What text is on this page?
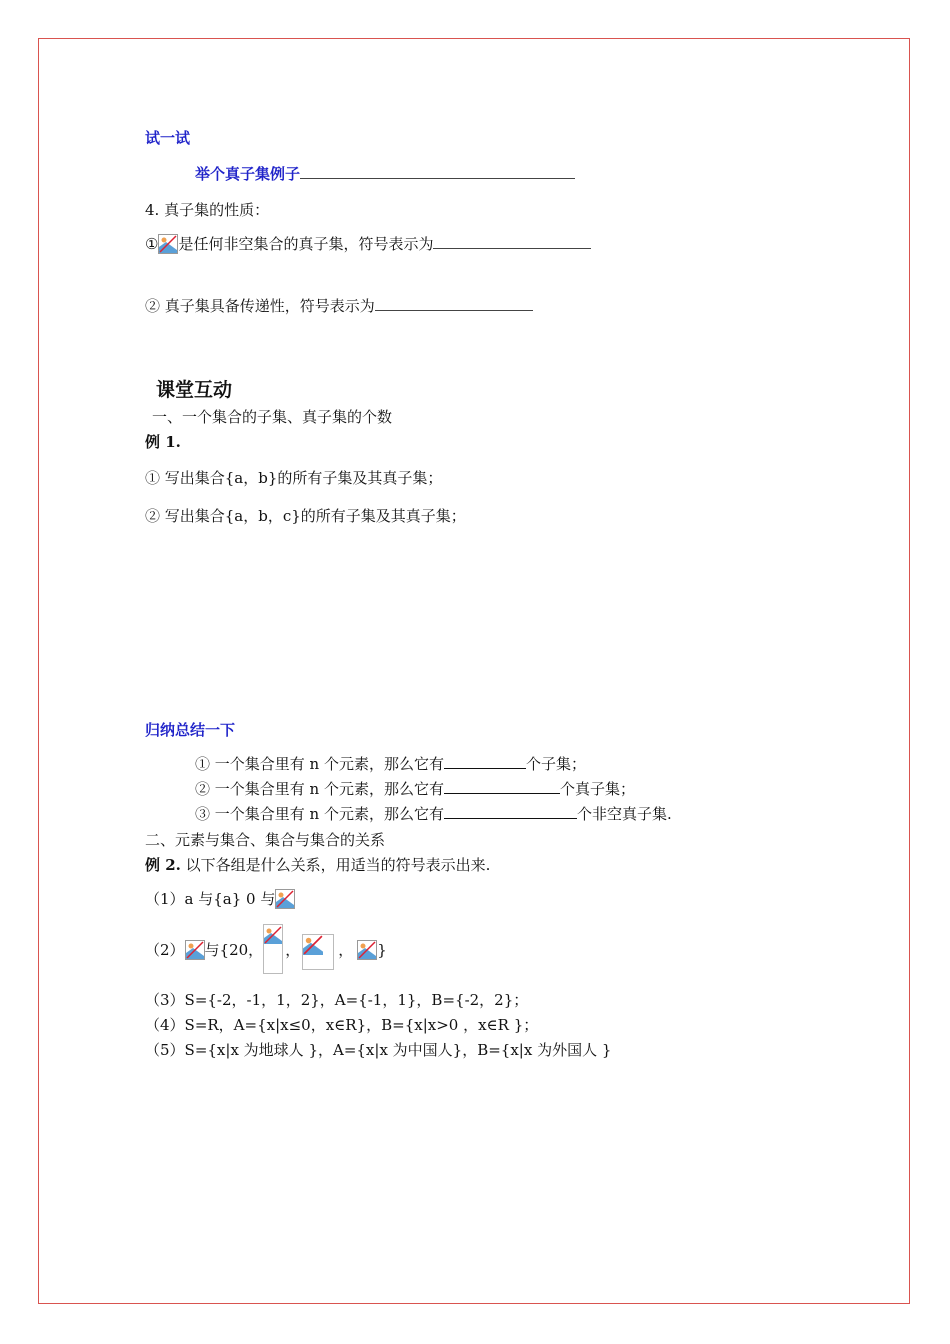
试一试
举个真子集例子
4. 真子集的性质：
① 是任何非空集合的真子集，符号表示为
② 真子集具备传递性，符号表示为
课堂互动
一、一个集合的子集、真子集的个数
例 1.
① 写出集合{a，b}的所有子集及其真子集；
② 写出集合{a，b，c}的所有子集及其真子集；
归纳总结一下
① 一个集合里有 n 个元素，那么它有	个子集；
② 一个集合里有 n 个元素，那么它有	个真子集；
③ 一个集合里有 n 个元素，那么它有	个非空真子集.
二、元素与集合、集合与集合的关系
例 2. 以下各组是什么关系，用适当的符号表示出来.
（1）a 与{a} 0 与
（2） 与{20， ，	， }
（3）S={-2，-1，1，2}，A={-1，1}，B={-2，2}；
（4）S=R，A={x|x≤0，x∈R}，B={x|x>0 ，x∈R }；
（5）S={x|x 为地球人 }，A={x|x 为中国人}，B={x|x 为外国人 }
